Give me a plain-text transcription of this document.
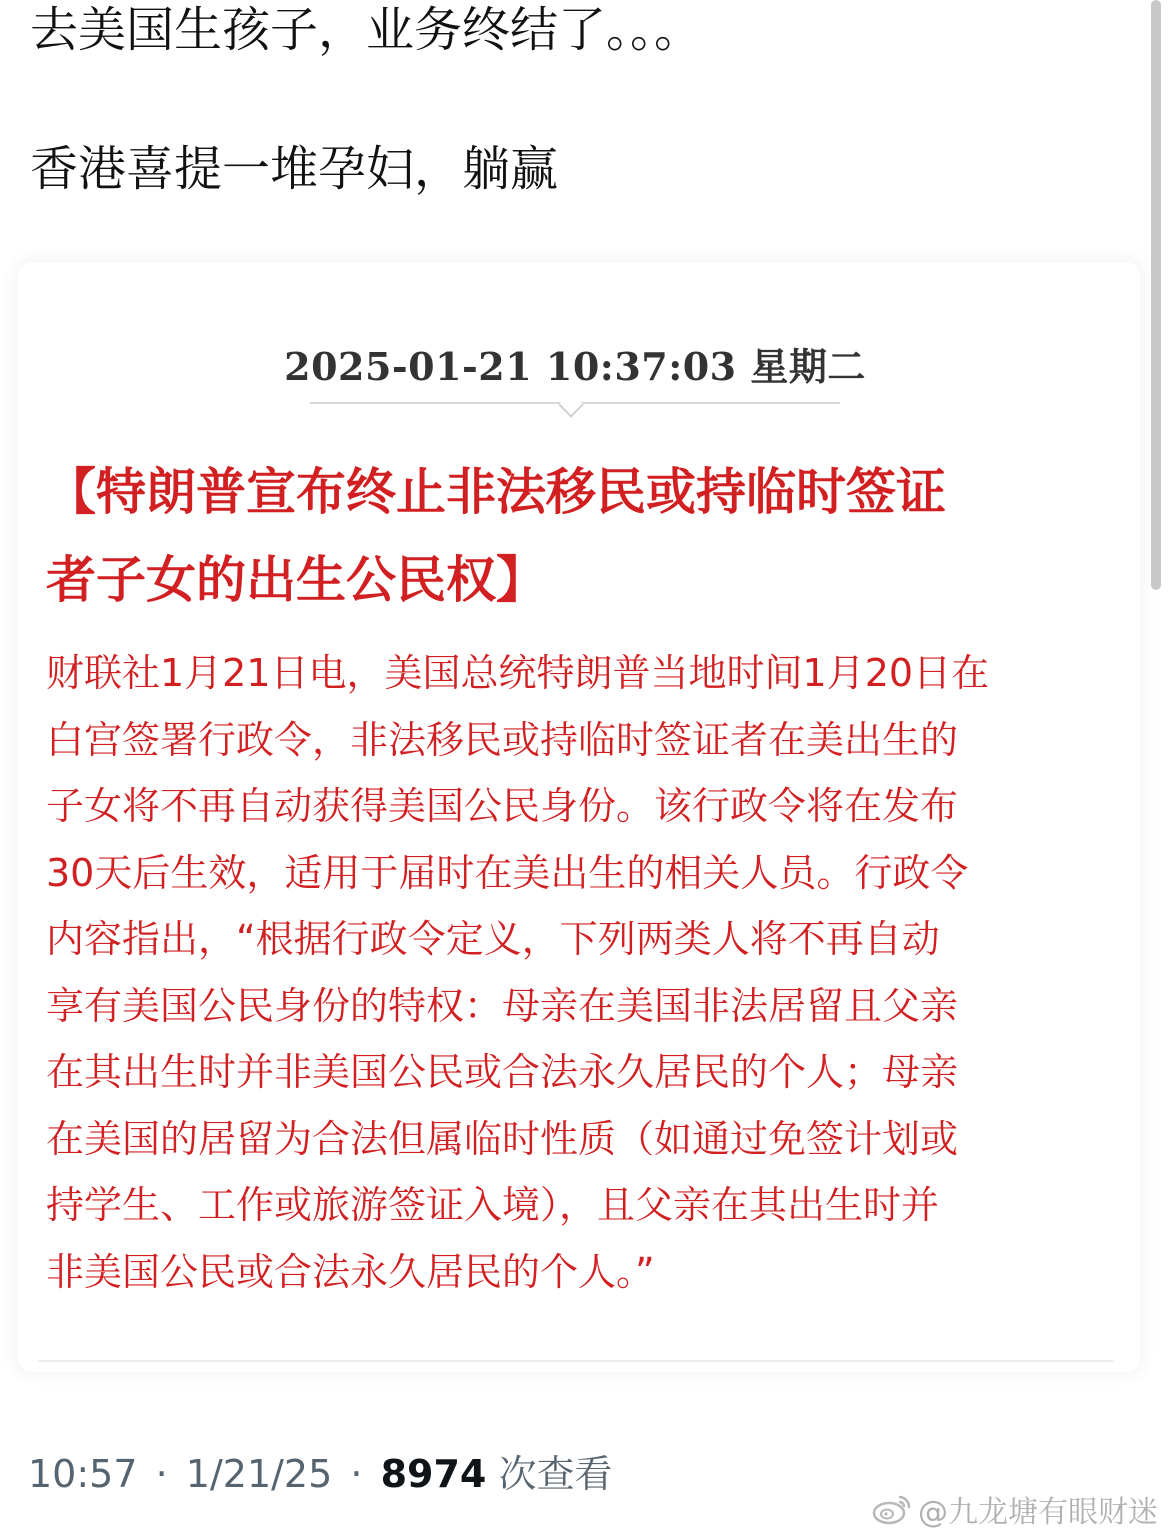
去美国生孩子，业务终结了。。。
香港喜提一堆孕妇，躺赢
2025-01-21 10:37:03 星期二
【特朗普宣布终止非法移民或持临时签证
者子女的出生公民权】
财联社1月21日电，美国总统特朗普当地时间1月20日在
白宫签署行政令，非法移民或持临时签证者在美出生的
子女将不再自动获得美国公民身份。该行政令将在发布
30天后生效，适用于届时在美出生的相关人员。行政令
内容指出，“根据行政令定义，下列两类人将不再自动
享有美国公民身份的特权：母亲在美国非法居留且父亲
在其出生时并非美国公民或合法永久居民的个人；母亲
在美国的居留为合法但属临时性质（如通过免签计划或
持学生、工作或旅游签证入境），且父亲在其出生时并
非美国公民或合法永久居民的个人。”
10:57 · 1/21/25 · 8974 次查看
@九龙塘有眼财迷
